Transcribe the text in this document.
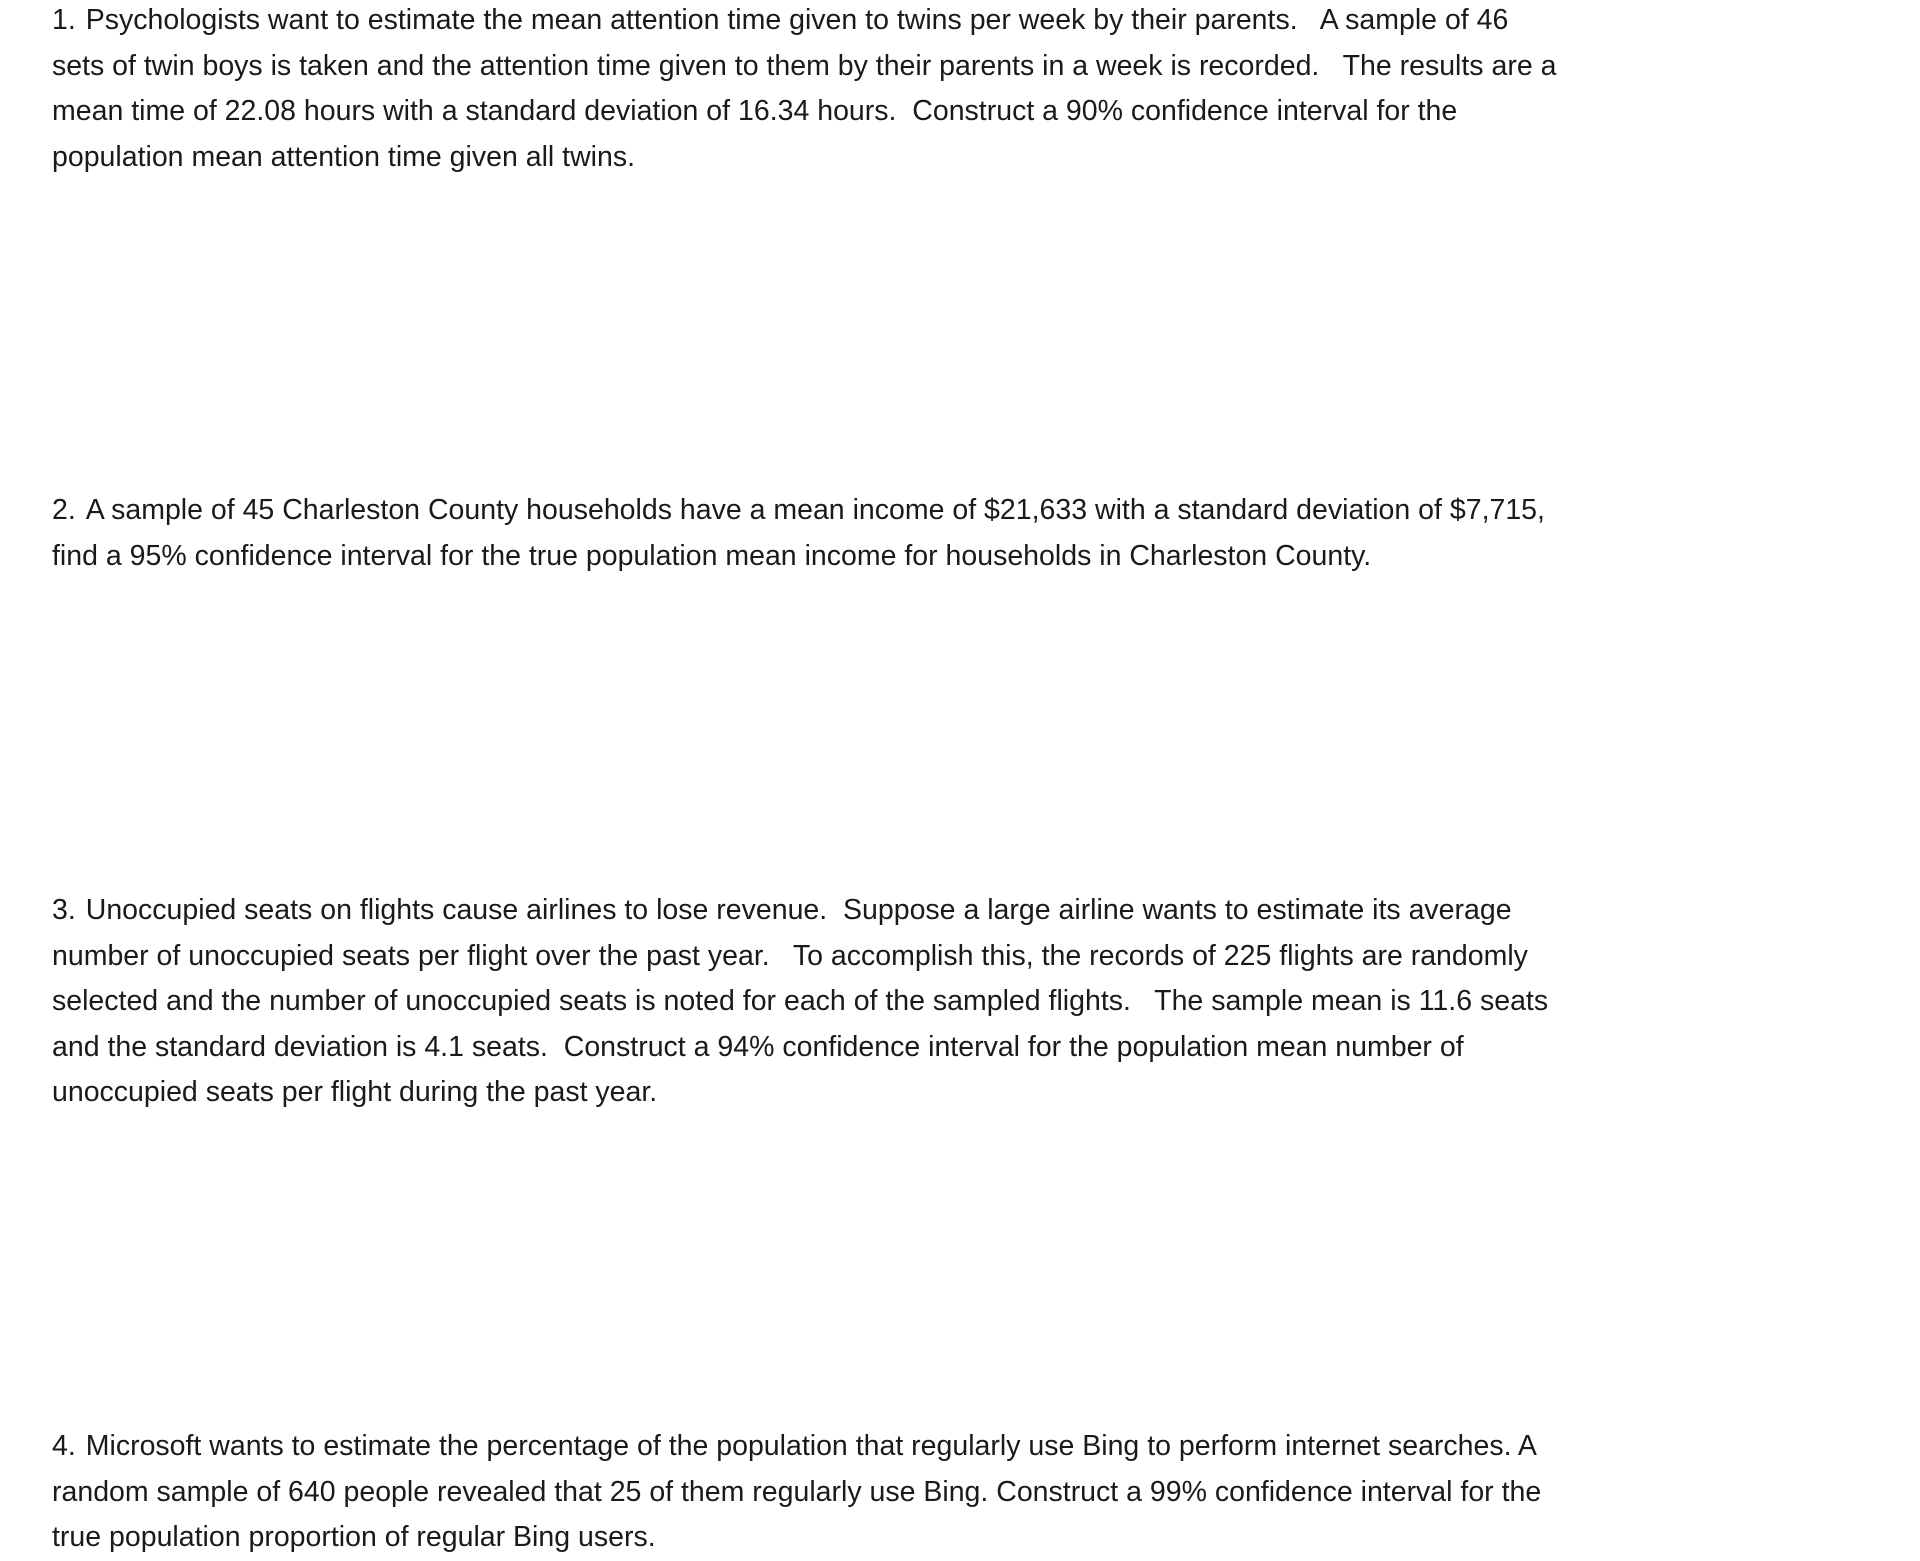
1. Psychologists want to estimate the mean attention time given to twins per week by their parents.   A sample of 46
sets of twin boys is taken and the attention time given to them by their parents in a week is recorded.   The results are a
mean time of 22.08 hours with a standard deviation of 16.34 hours.  Construct a 90% confidence interval for the
population mean attention time given all twins.
2. A sample of 45 Charleston County households have a mean income of $21,633 with a standard deviation of $7,715,
find a 95% confidence interval for the true population mean income for households in Charleston County.
3. Unoccupied seats on flights cause airlines to lose revenue.  Suppose a large airline wants to estimate its average
number of unoccupied seats per flight over the past year.   To accomplish this, the records of 225 flights are randomly
selected and the number of unoccupied seats is noted for each of the sampled flights.   The sample mean is 11.6 seats
and the standard deviation is 4.1 seats.  Construct a 94% confidence interval for the population mean number of
unoccupied seats per flight during the past year.
4. Microsoft wants to estimate the percentage of the population that regularly use Bing to perform internet searches. A
random sample of 640 people revealed that 25 of them regularly use Bing. Construct a 99% confidence interval for the
true population proportion of regular Bing users.
